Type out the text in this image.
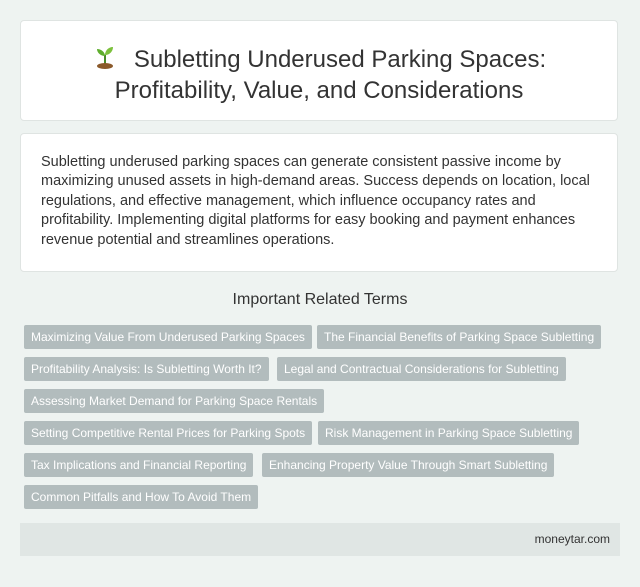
Subletting Underused Parking Spaces: Profitability, Value, and Considerations

Subletting underused parking spaces can generate consistent passive income by maximizing unused assets in high-demand areas. Success depends on location, local regulations, and effective management, which influence occupancy rates and profitability. Implementing digital platforms for easy booking and payment enhances revenue potential and streamlines operations.

Important Related Terms
Maximizing Value From Underused Parking Spaces	The Financial Benefits of Parking Space Subletting
Profitability Analysis: Is Subletting Worth It?	Legal and Contractual Considerations for Subletting
Assessing Market Demand for Parking Space Rentals
Setting Competitive Rental Prices for Parking Spots	Risk Management in Parking Space Subletting
Tax Implications and Financial Reporting	Enhancing Property Value Through Smart Subletting
Common Pitfalls and How To Avoid Them
moneytar.com
